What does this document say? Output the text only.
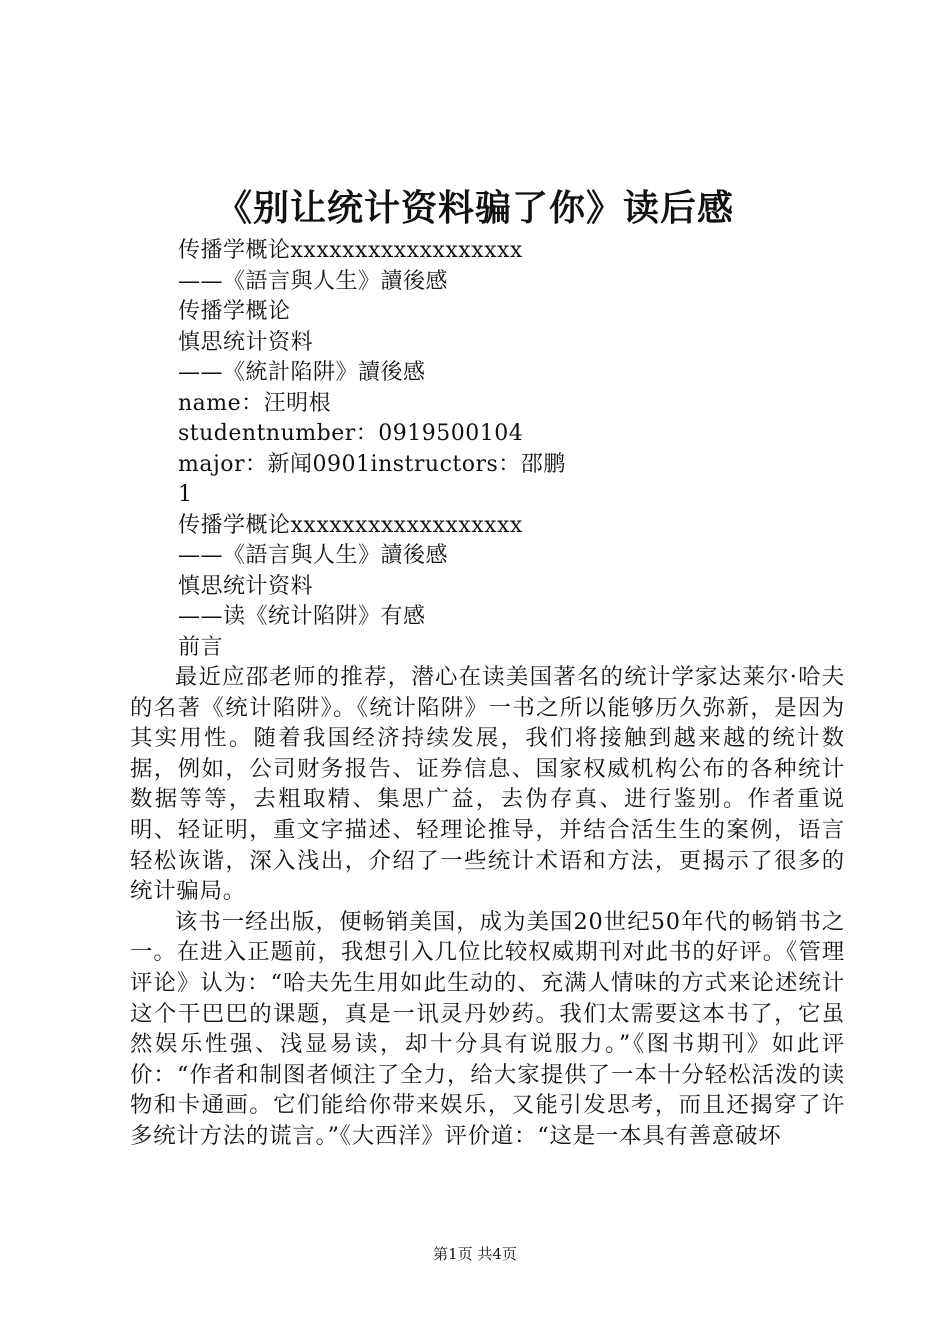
《别让统计资料骗了你》读后感
传播学概论xxxxxxxxxxxxxxxxxx
——《語言與人生》讀後感
传播学概论
慎思统计资料
——《統計陷阱》讀後感
name：汪明根
studentnumber：0919500104
major：新闻0901instructors：邵鹏
1
传播学概论xxxxxxxxxxxxxxxxxx
——《語言與人生》讀後感
慎思统计资料
——读《统计陷阱》有感
前言

最近应邵老师的推荐，潜心在读美国著名的统计学家达莱尔·哈夫的名著《统计陷阱》。《统计陷阱》一书之所以能够历久弥新，是因为其实用性。随着我国经济持续发展，我们将接触到越来越的统计数据，例如，公司财务报告、证券信息、国家权威机构公布的各种统计数据等等，去粗取精、集思广益，去伪存真、进行鉴别。作者重说明、轻证明，重文字描述、轻理论推导，并结合活生生的案例，语言轻松诙谐，深入浅出，介绍了一些统计术语和方法，更揭示了很多的统计骗局。

该书一经出版，便畅销美国，成为美国20世纪50年代的畅销书之一。在进入正题前，我想引入几位比较权威期刊对此书的好评。《管理评论》认为：“哈夫先生用如此生动的、充满人情味的方式来论述统计这个干巴巴的课题，真是一讯灵丹妙药。我们太需要这本书了，它虽然娱乐性强、浅显易读，却十分具有说服力。”《图书期刊》如此评价：“作者和制图者倾注了全力，给大家提供了一本十分轻松活泼的读物和卡通画。它们能给你带来娱乐，又能引发思考，而且还揭穿了许多统计方法的谎言。”《大西洋》评价道：“这是一本具有善意破坏

第1页 共4页
